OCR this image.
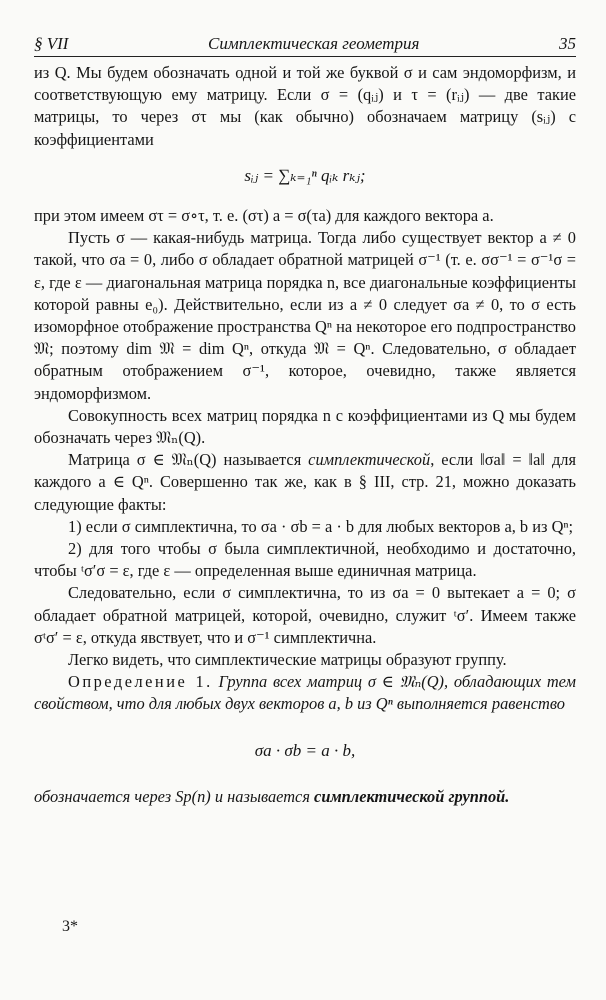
§ VII	Симплектическая геометрия	35

из Q. Мы будем обозначать одной и той же буквой σ и сам эндоморфизм, и соответствующую ему матрицу. Если σ = (qᵢⱼ) и τ = (rᵢⱼ) — две такие матрицы, то через στ мы (как обычно) обозначаем матрицу (sᵢⱼ) с коэффициентами

sᵢⱼ = ∑ₖ₌₁ⁿ qᵢₖ rₖⱼ;

при этом имеем στ = σ∘τ, т. е. (στ) a = σ(τa) для каждого вектора a.

Пусть σ — какая-нибудь матрица. Тогда либо существует вектор a ≠ 0 такой, что σa = 0, либо σ обладает обратной матрицей σ⁻¹ (т. е. σσ⁻¹ = σ⁻¹σ = ε, где ε — диагональная матрица порядка n, все диагональные коэффициенты которой равны e₀). Действительно, если из a ≠ 0 следует σa ≠ 0, то σ есть изоморфное отображение пространства Qⁿ на некоторое его подпространство 𝔐; поэтому dim 𝔐 = dim Qⁿ, откуда 𝔐 = Qⁿ. Следовательно, σ обладает обратным отображением σ⁻¹, которое, очевидно, также является эндоморфизмом.

Совокупность всех матриц порядка n с коэффициентами из Q мы будем обозначать через 𝔐ₙ(Q).

Матрица σ ∈ 𝔐ₙ(Q) называется симплектической, если ‖σa‖ = ‖a‖ для каждого a ∈ Qⁿ. Совершенно так же, как в § III, стр. 21, можно доказать следующие факты:

1) если σ симплектична, то σa · σb = a · b для любых векторов a, b из Qⁿ;

2) для того чтобы σ была симплектичной, необходимо и достаточно, чтобы ᵗσ′σ = ε, где ε — определенная выше единичная матрица.

Следовательно, если σ симплектична, то из σa = 0 вытекает a = 0; σ обладает обратной матрицей, которой, очевидно, служит ᵗσ′. Имеем также σᵗσ′ = ε, откуда явствует, что и σ⁻¹ симплектична.

Легко видеть, что симплектические матрицы образуют группу.

Определение 1. Группа всех матриц σ ∈ 𝔐ₙ(Q), обладающих тем свойством, что для любых двух векторов a, b из Qⁿ выполняется равенство

σa · σb = a · b,

обозначается через Sp(n) и называется симплектической группой.

3*
